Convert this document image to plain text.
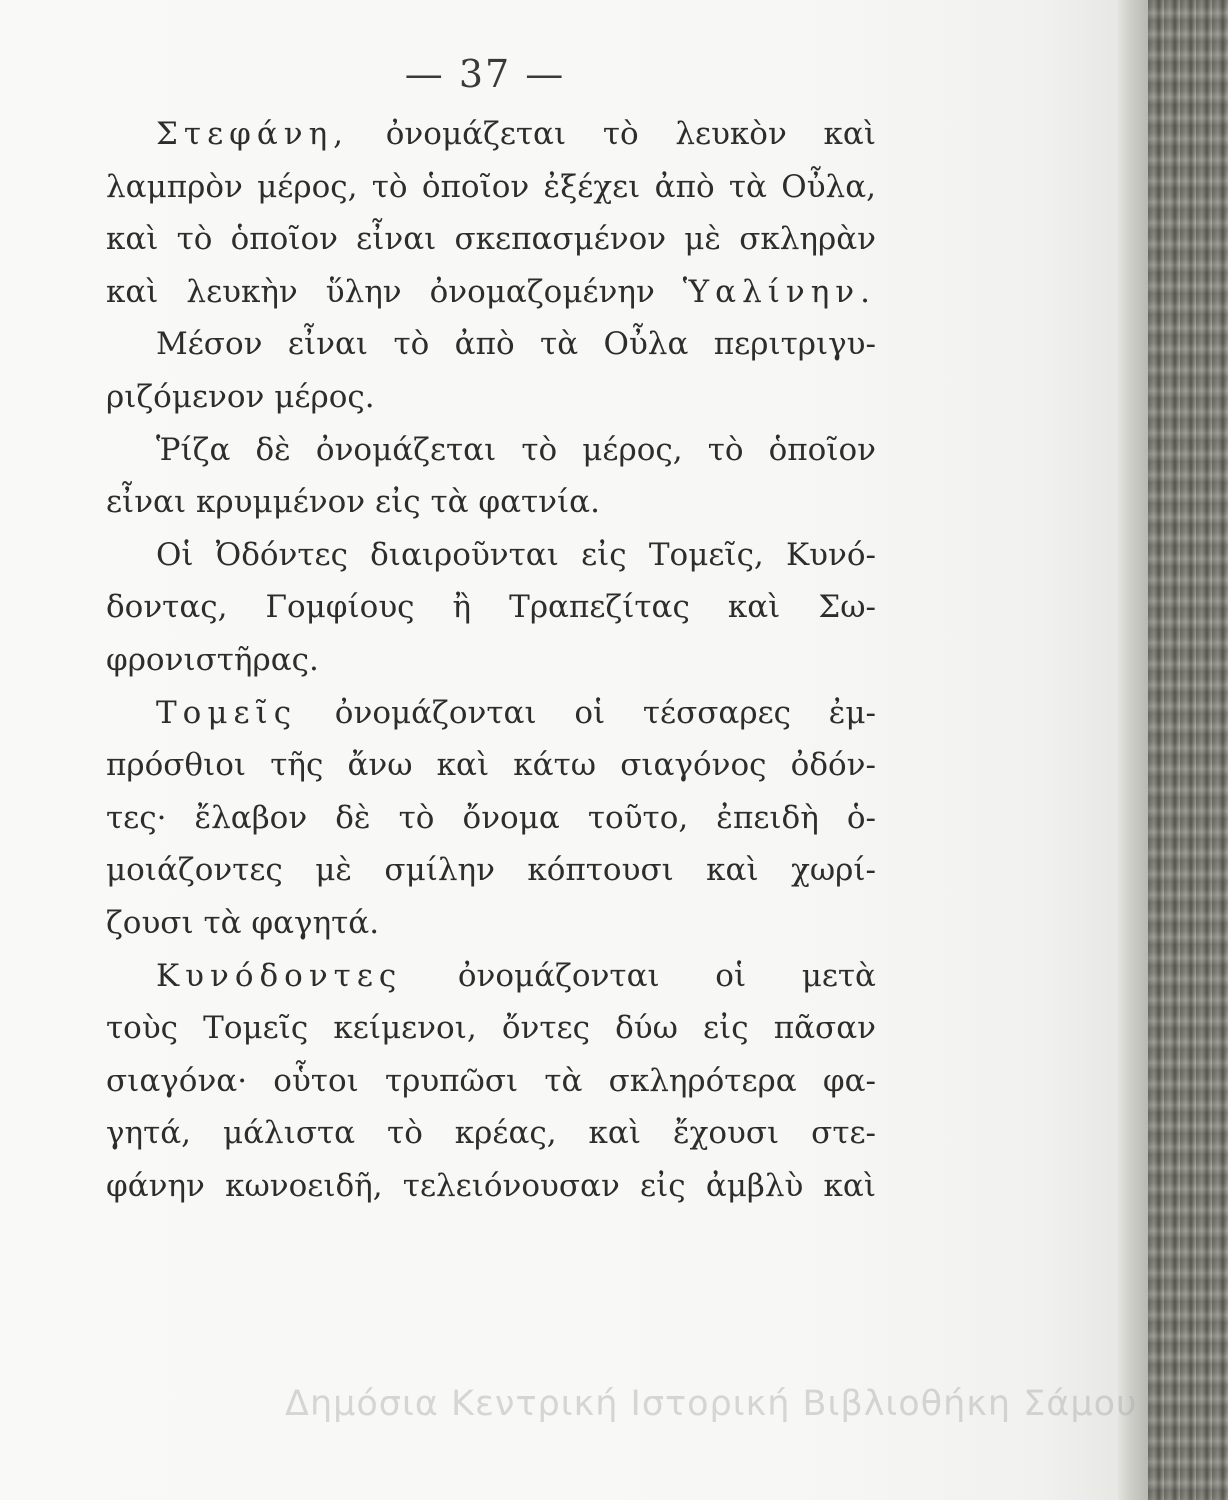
— 37 —
Στεφάνη, ὀνομάζεται τὸ λευκὸν καὶ
λαμπρὸν μέρος, τὸ ὁποῖον ἐξέχει ἀπὸ τὰ Οὖλα,
καὶ τὸ ὁποῖον εἶναι σκεπασμένον μὲ σκληρὰν
καὶ λευκὴν ὕλην ὀνομαζομένην Ὑαλίνην.
Μέσον εἶναι τὸ ἀπὸ τὰ Οὖλα περιτριγυ-
ριζόμενον μέρος.
Ῥίζα δὲ ὀνομάζεται τὸ μέρος, τὸ ὁποῖον
εἶναι κρυμμένον εἰς τὰ φατνία.
Οἱ Ὀδόντες διαιροῦνται εἰς Τομεῖς, Κυνό-
δοντας, Γομφίους ἢ Τραπεζίτας καὶ Σω-
φρονιστῆρας.
Τομεῖς ὀνομάζονται οἱ τέσσαρες ἐμ-
πρόσθιοι τῆς ἄνω καὶ κάτω σιαγόνος ὀδόν-
τες· ἔλαβον δὲ τὸ ὄνομα τοῦτο, ἐπειδὴ ὁ-
μοιάζοντες μὲ σμίλην κόπτουσι καὶ χωρί-
ζουσι τὰ φαγητά.
Κυνόδοντες ὀνομάζονται οἱ μετὰ
τοὺς Τομεῖς κείμενοι, ὄντες δύω εἰς πᾶσαν
σιαγόνα· οὗτοι τρυπῶσι τὰ σκληρότερα φα-
γητά, μάλιστα τὸ κρέας, καὶ ἔχουσι στε-
φάνην κωνοειδῆ, τελειόνουσαν εἰς ἀμβλὺ καὶ
Δημόσια Κεντρική Ιστορική Βιβλιοθήκη Σάμου
